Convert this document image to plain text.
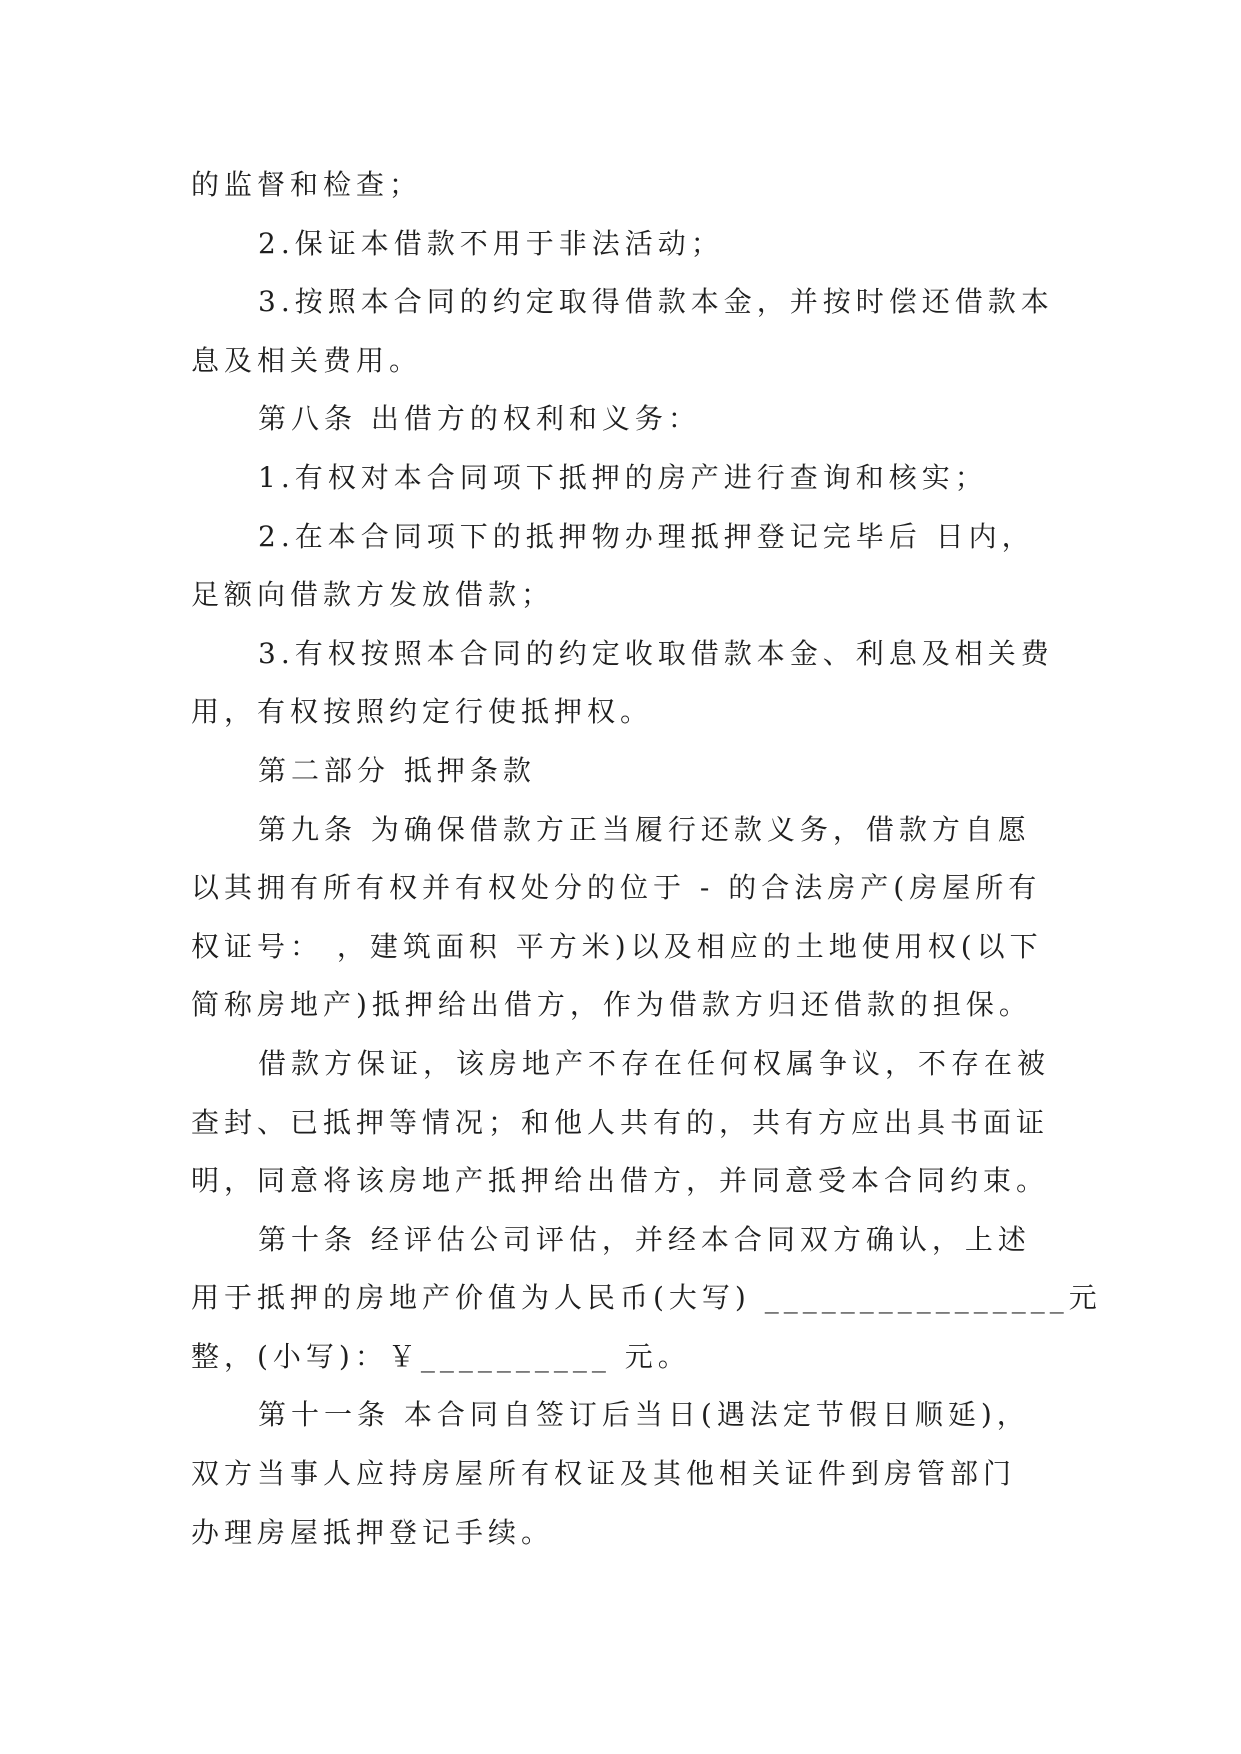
的监督和检查；
2.保证本借款不用于非法活动；
3.按照本合同的约定取得借款本金，并按时偿还借款本
息及相关费用。
第八条 出借方的权利和义务：
1.有权对本合同项下抵押的房产进行查询和核实；
2.在本合同项下的抵押物办理抵押登记完毕后 日内，
足额向借款方发放借款；
3.有权按照本合同的约定收取借款本金、利息及相关费
用，有权按照约定行使抵押权。
第二部分 抵押条款
第九条 为确保借款方正当履行还款义务，借款方自愿
以其拥有所有权并有权处分的位于 - 的合法房产(房屋所有
权证号： ，建筑面积 平方米)以及相应的土地使用权(以下
简称房地产)抵押给出借方，作为借款方归还借款的担保。
借款方保证，该房地产不存在任何权属争议，不存在被
查封、已抵押等情况；和他人共有的，共有方应出具书面证
明，同意将该房地产抵押给出借方，并同意受本合同约束。
第十条 经评估公司评估，并经本合同双方确认，上述
用于抵押的房地产价值为人民币(大写) ________________元
整，(小写)：￥__________ 元。
第十一条 本合同自签订后当日(遇法定节假日顺延)，
双方当事人应持房屋所有权证及其他相关证件到房管部门
办理房屋抵押登记手续。
